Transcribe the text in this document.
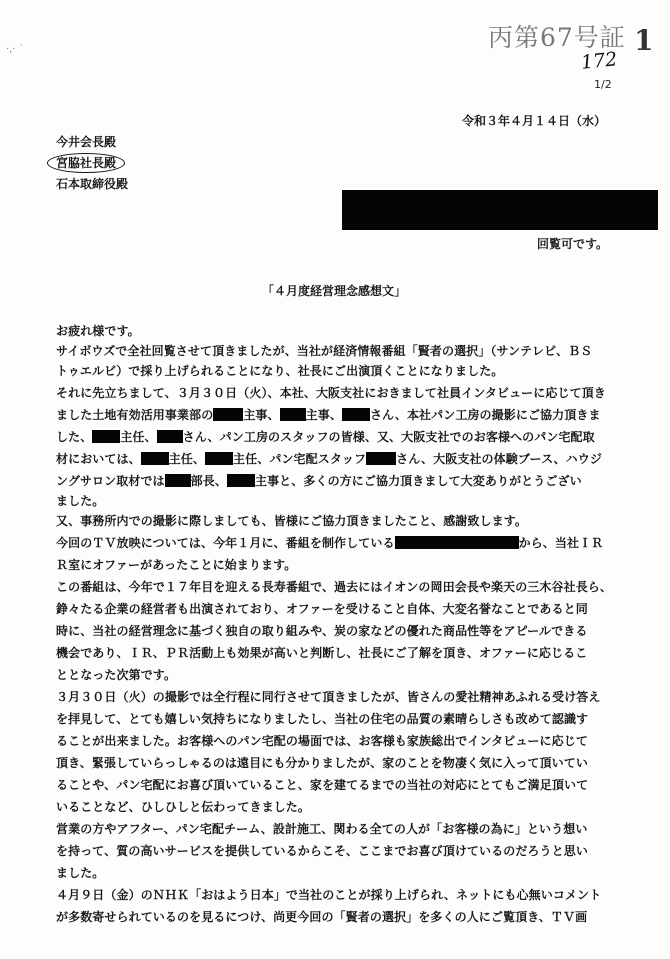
·,· ˙	丙第67号証 1
172
1/2
令和３年４月１４日（水）
今井会長殿
宮脇社長殿
石本取締役殿
回覧可です。
「４月度経営理念感想文」
お疲れ様です。
サイボウズで全社回覧させて頂きましたが、当社が経済情報番組「賢者の選択」（サンテレビ、ＢＳ
トゥエルビ）で採り上げられることになり、社長にご出演頂くことになりました。
それに先立ちまして、３月３０日（火）、本社、大阪支社におきまして社員インタビューに応じて頂き
ました土地有効活用事業部の	主事、 主事、 さん、本社パン工房の撮影にご協力頂きま
した、 主任、 さん、パン工房のスタッフの皆様、又、大阪支社でのお客様へのパン宅配取
材においては、 主任、 主任、パン宅配スタッフ	さん、大阪支社の体験ブース、ハウジ
ングサロン取材では 部長、 主事と、多くの方にご協力頂きまして大変ありがとうござい
ました。
又、事務所内での撮影に際しましても、皆様にご協力頂きましたこと、感謝致します。
今回のＴＶ放映については、今年１月に、番組を制作している	から、当社ＩＲ
Ｒ室にオファーがあったことに始まります。
この番組は、今年で１７年目を迎える長寿番組で、過去にはイオンの岡田会長や楽天の三木谷社長ら、
錚々たる企業の経営者も出演されており、オファーを受けること自体、大変名誉なことであると同
時に、当社の経営理念に基づく独自の取り組みや、炭の家などの優れた商品性等をアピールできる
機会であり、ＩＲ、ＰＲ活動上も効果が高いと判断し、社長にご了解を頂き、オファーに応じるこ
ととなった次第です。
３月３０日（火）の撮影では全行程に同行させて頂きましたが、皆さんの愛社精神あふれる受け答え
を拝見して、とても嬉しい気持ちになりましたし、当社の住宅の品質の素晴らしさも改めて認識す
ることが出来ました。お客様へのパン宅配の場面では、お客様も家族総出でインタビューに応じて
頂き、緊張していらっしゃるのは遠目にも分かりましたが、家のことを物凄く気に入って頂いてい
ることや、パン宅配にお喜び頂いていること、家を建てるまでの当社の対応にとてもご満足頂いて
いることなど、ひしひしと伝わってきました。
営業の方やアフター、パン宅配チーム、設計施工、関わる全ての人が「お客様の為に」という想い
を持って、質の高いサービスを提供しているからこそ、ここまでお喜び頂けているのだろうと思い
ました。
４月９日（金）のＮＨＫ「おはよう日本」で当社のことが採り上げられ、ネットにも心無いコメント
が多数寄せられているのを見るにつけ、尚更今回の「賢者の選択」を多くの人にご覧頂き、ＴＶ画
